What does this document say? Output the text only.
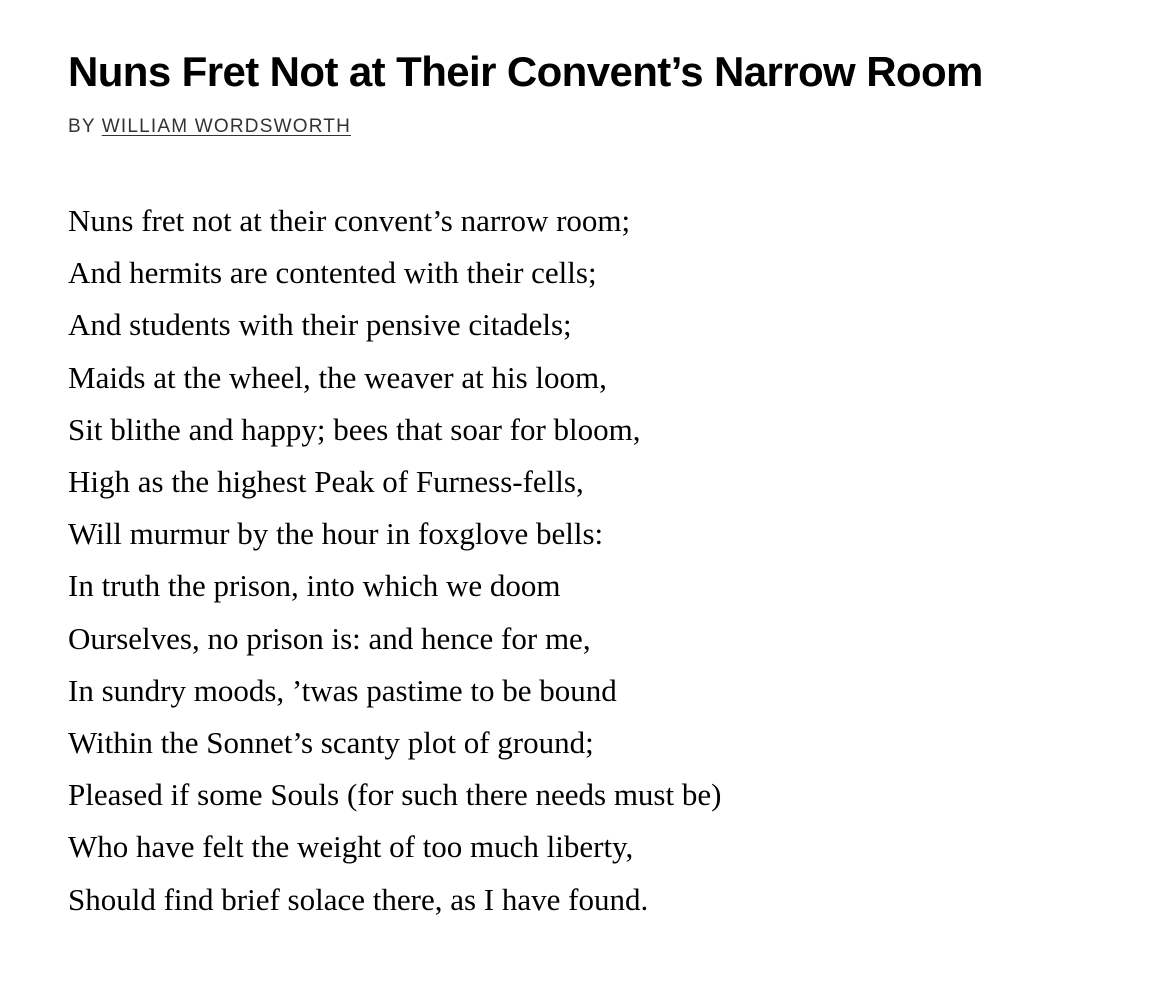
Nuns Fret Not at Their Convent’s Narrow Room
BY WILLIAM WORDSWORTH
Nuns fret not at their convent’s narrow room;
And hermits are contented with their cells;
And students with their pensive citadels;
Maids at the wheel, the weaver at his loom,
Sit blithe and happy; bees that soar for bloom,
High as the highest Peak of Furness-fells,
Will murmur by the hour in foxglove bells:
In truth the prison, into which we doom
Ourselves, no prison is: and hence for me,
In sundry moods, ’twas pastime to be bound
Within the Sonnet’s scanty plot of ground;
Pleased if some Souls (for such there needs must be)
Who have felt the weight of too much liberty,
Should find brief solace there, as I have found.
